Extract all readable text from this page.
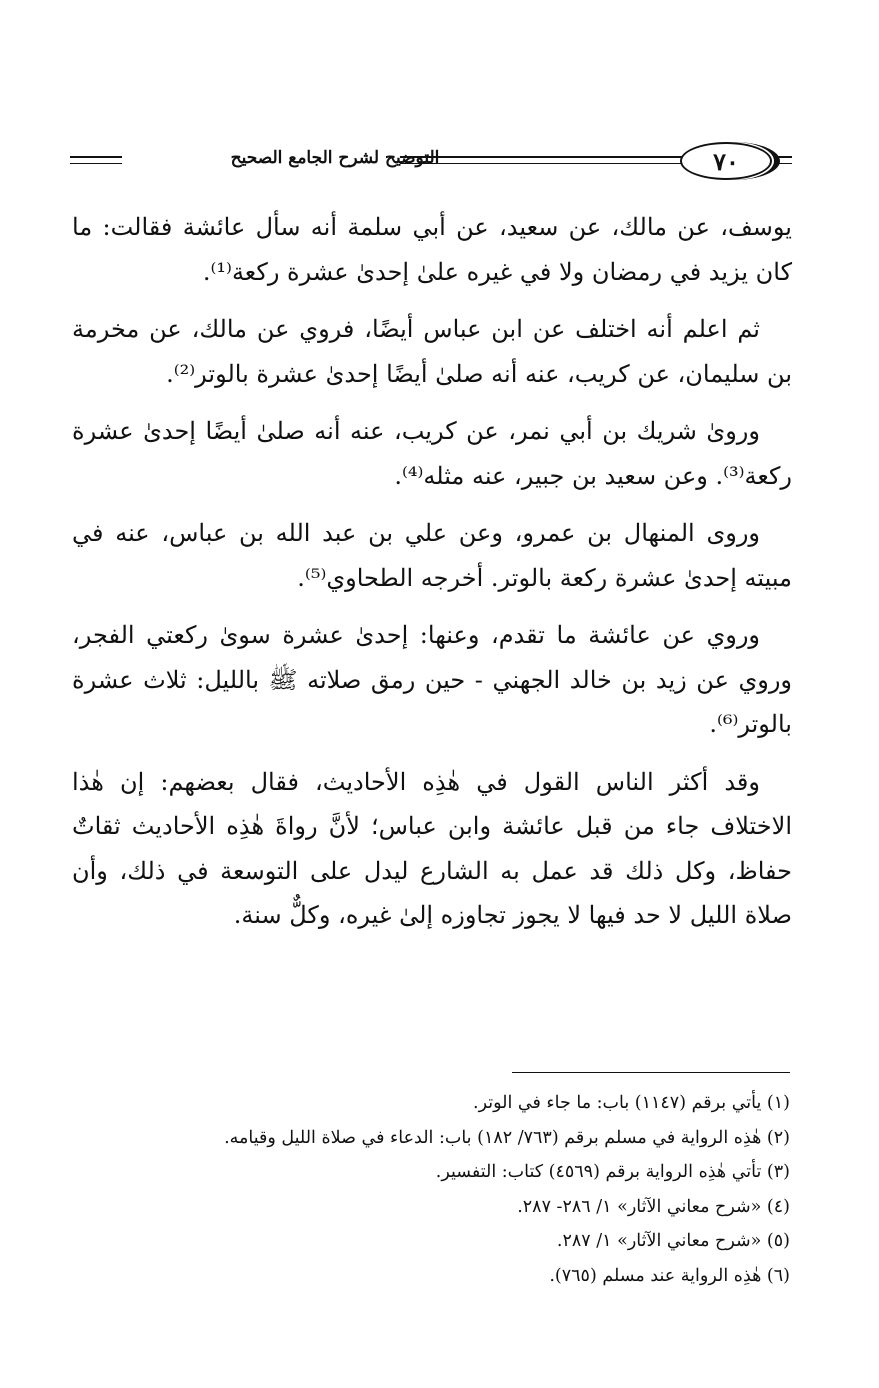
التوضيح لشرح الجامع الصحيح	٧٠

يوسف، عن مالك، عن سعيد، عن أبي سلمة أنه سأل عائشة فقالت: ما كان يزيد في رمضان ولا في غيره علىٰ إحدىٰ عشرة ركعة⁽¹⁾.

ثم اعلم أنه اختلف عن ابن عباس أيضًا، فروي عن مالك، عن مخرمة بن سليمان، عن كريب، عنه أنه صلىٰ أيضًا إحدىٰ عشرة بالوتر⁽²⁾.

وروىٰ شريك بن أبي نمر، عن كريب، عنه أنه صلىٰ أيضًا إحدىٰ عشرة ركعة⁽³⁾. وعن سعيد بن جبير، عنه مثله⁽⁴⁾.

وروى المنهال بن عمرو، وعن علي بن عبد الله بن عباس، عنه في مبيته إحدىٰ عشرة ركعة بالوتر. أخرجه الطحاوي⁽⁵⁾.

وروي عن عائشة ما تقدم، وعنها: إحدىٰ عشرة سوىٰ ركعتي الفجر، وروي عن زيد بن خالد الجهني - حين رمق صلاته ﷺ بالليل: ثلاث عشرة بالوتر⁽⁶⁾.

وقد أكثر الناس القول في هٰذِه الأحاديث، فقال بعضهم: إن هٰذا الاختلاف جاء من قبل عائشة وابن عباس؛ لأنَّ رواةَ هٰذِه الأحاديث ثقاتٌ حفاظ، وكل ذلك قد عمل به الشارع ليدل على التوسعة في ذلك، وأن صلاة الليل لا حد فيها لا يجوز تجاوزه إلىٰ غيره، وكلٌّ سنة.

(١) يأتي برقم (١١٤٧) باب: ما جاء في الوتر.
(٢) هٰذِه الرواية في مسلم برقم (٧٦٣/ ١٨٢) باب: الدعاء في صلاة الليل وقيامه.
(٣) تأتي هٰذِه الرواية برقم (٤٥٦٩) كتاب: التفسير.
(٤) «شرح معاني الآثار» ١/ ٢٨٦- ٢٨٧.
(٥) «شرح معاني الآثار» ١/ ٢٨٧.
(٦) هٰذِه الرواية عند مسلم (٧٦٥).
